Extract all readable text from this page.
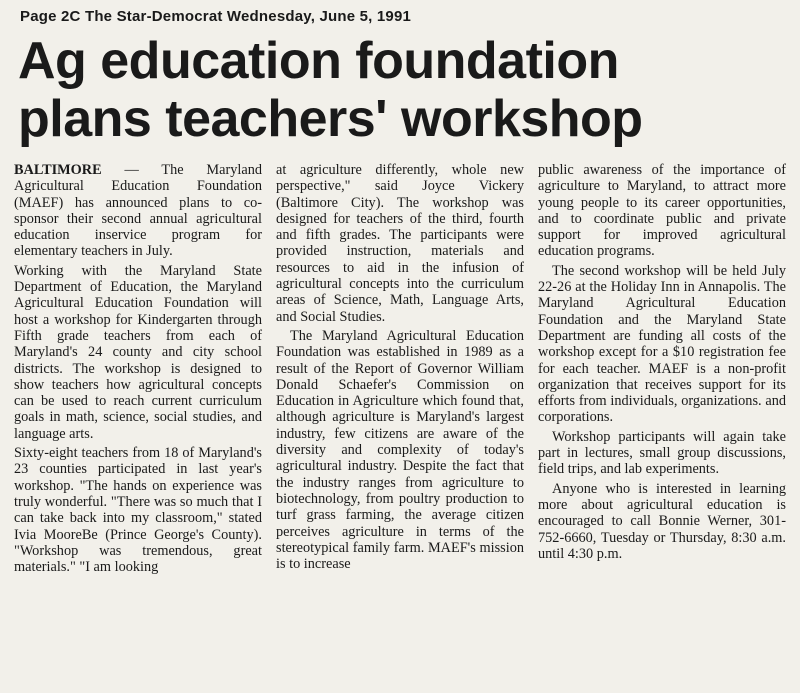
Page 2C The Star-Democrat Wednesday, June 5, 1991
Ag education foundation
plans teachers' workshop

BALTIMORE — The Maryland Agricultural Education Foundation (MAEF) has announced plans to co-sponsor their second annual agricultural education inservice program for elementary teachers in July.

Working with the Maryland State Department of Education, the Maryland Agricultural Education Foundation will host a workshop for Kindergarten through Fifth grade teachers from each of Maryland's 24 county and city school districts. The workshop is designed to show teachers how agricultural concepts can be used to reach current curriculum goals in math, science, social studies, and language arts.

Sixty-eight teachers from 18 of Maryland's 23 counties participated in last year's workshop. "The hands on experience was truly wonderful. "There was so much that I can take back into my classroom," stated Ivia MooreBe (Prince George's County). "Workshop was tremendous, great materials." "I am looking

at agriculture differently, whole new perspective," said Joyce Vickery (Baltimore City). The workshop was designed for teachers of the third, fourth and fifth grades. The participants were provided instruction, materials and resources to aid in the infusion of agricultural concepts into the curriculum areas of Science, Math, Language Arts, and Social Studies.

The Maryland Agricultural Education Foundation was established in 1989 as a result of the Report of Governor William Donald Schaefer's Commission on Education in Agriculture which found that, although agriculture is Maryland's largest industry, few citizens are aware of the diversity and complexity of today's agricultural industry. Despite the fact that the industry ranges from agriculture to biotechnology, from poultry production to turf grass farming, the average citizen perceives agriculture in terms of the stereotypical family farm. MAEF's mission is to increase

public awareness of the importance of agriculture to Maryland, to attract more young people to its career opportunities, and to coordinate public and private support for improved agricultural education programs.

The second workshop will be held July 22-26 at the Holiday Inn in Annapolis. The Maryland Agricultural Education Foundation and the Maryland State Department are funding all costs of the workshop except for a $10 registration fee for each teacher. MAEF is a non-profit organization that receives support for its efforts from individuals, organizations. and corporations.

Workshop participants will again take part in lectures, small group discussions, field trips, and lab experiments.

Anyone who is interested in learning more about agricultural education is encouraged to call Bonnie Werner, 301-752-6660, Tuesday or Thursday, 8:30 a.m. until 4:30 p.m.
